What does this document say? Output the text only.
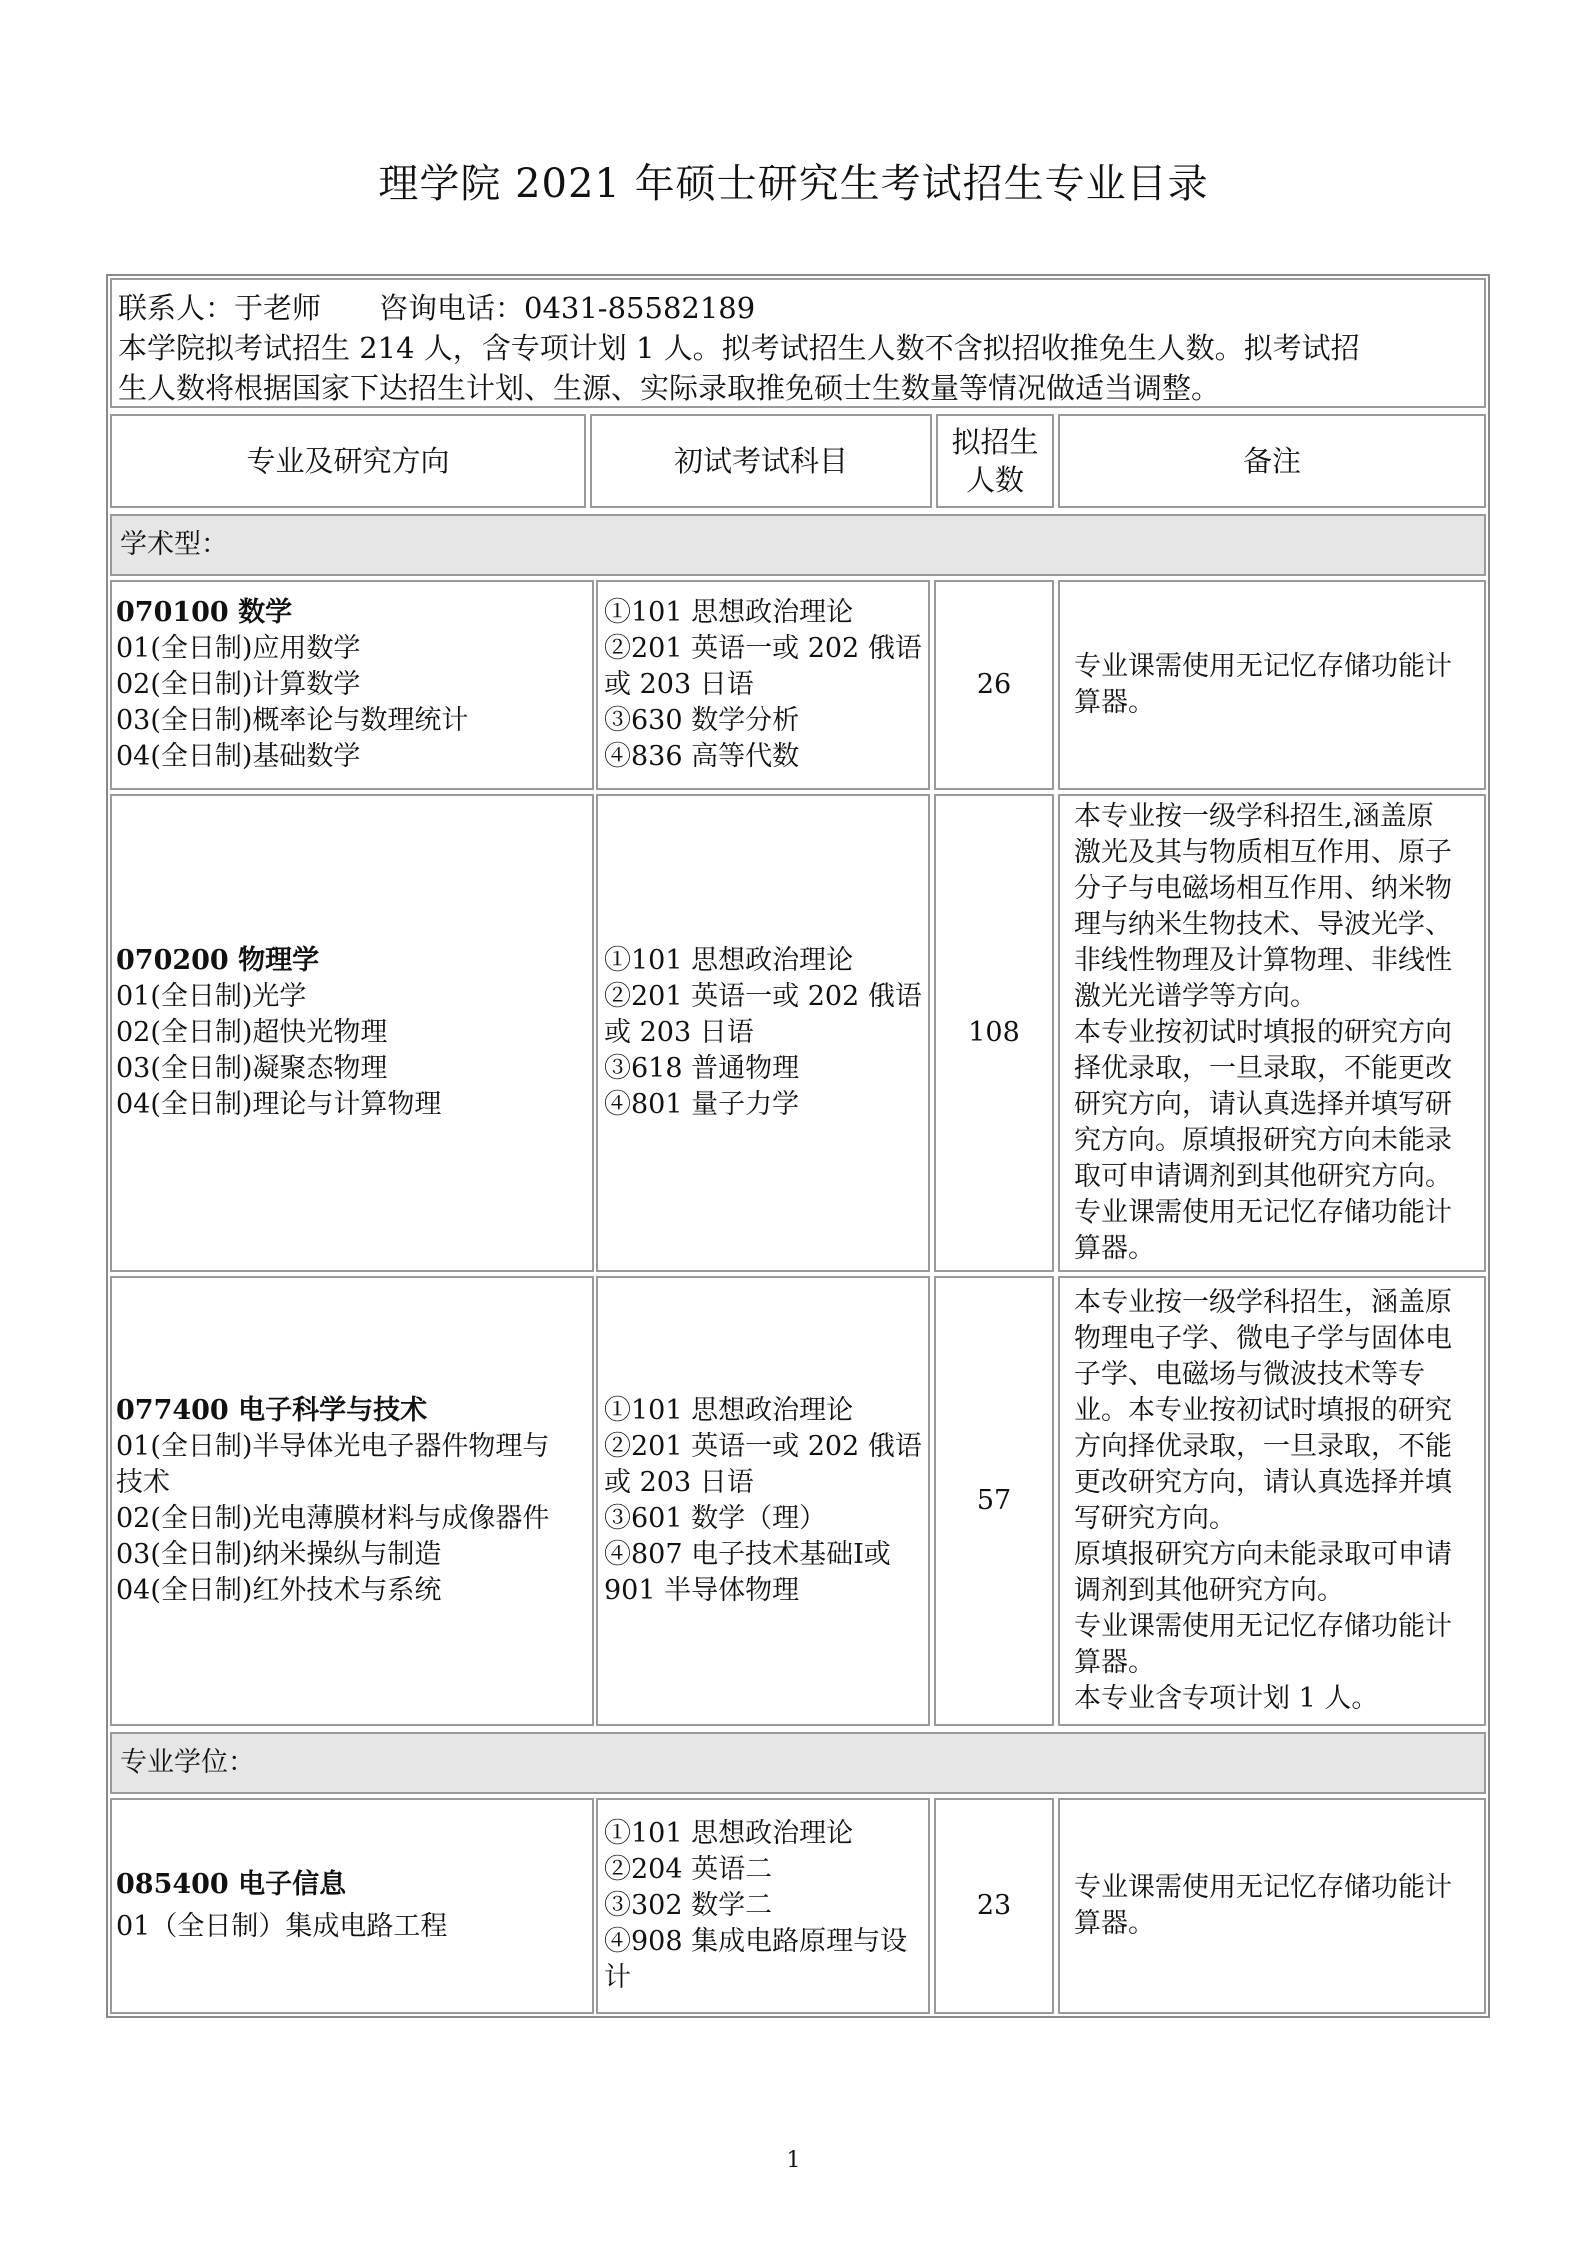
理学院 2021 年硕士研究生考试招生专业目录
联系人：于老师　　咨询电话：0431-85582189
本学院拟考试招生 214 人，含专项计划 1 人。拟考试招生人数不含拟招收推免生人数。拟考试招
生人数将根据国家下达招生计划、生源、实际录取推免硕士生数量等情况做适当调整。
专业及研究方向	初试考试科目
拟招生
人数
备注
学术型：
070100 数学
01(全日制)应用数学
02(全日制)计算数学
03(全日制)概率论与数理统计
04(全日制)基础数学
①101 思想政治理论
②201 英语一或 202 俄语
或 203 日语
③630 数学分析
④836 高等代数
26
专业课需使用无记忆存储功能计
算器。
070200 物理学
01(全日制)光学
02(全日制)超快光物理
03(全日制)凝聚态物理
04(全日制)理论与计算物理
①101 思想政治理论
②201 英语一或 202 俄语
或 203 日语
③618 普通物理
④801 量子力学
108
本专业按一级学科招生,涵盖原
激光及其与物质相互作用、原子
分子与电磁场相互作用、纳米物
理与纳米生物技术、导波光学、
非线性物理及计算物理、非线性
激光光谱学等方向。
本专业按初试时填报的研究方向
择优录取，一旦录取，不能更改
研究方向，请认真选择并填写研
究方向。原填报研究方向未能录
取可申请调剂到其他研究方向。
专业课需使用无记忆存储功能计
算器。
077400 电子科学与技术
01(全日制)半导体光电子器件物理与
技术
02(全日制)光电薄膜材料与成像器件
03(全日制)纳米操纵与制造
04(全日制)红外技术与系统
①101 思想政治理论
②201 英语一或 202 俄语
或 203 日语
③601 数学（理）
④807 电子技术基础Ⅰ或
901 半导体物理
57
本专业按一级学科招生，涵盖原
物理电子学、微电子学与固体电
子学、电磁场与微波技术等专
业。本专业按初试时填报的研究
方向择优录取，一旦录取，不能
更改研究方向，请认真选择并填
写研究方向。
原填报研究方向未能录取可申请
调剂到其他研究方向。
专业课需使用无记忆存储功能计
算器。
本专业含专项计划 1 人。
专业学位：
085400 电子信息
01（全日制）集成电路工程
①101 思想政治理论
②204 英语二
③302 数学二
④908 集成电路原理与设
计
23
专业课需使用无记忆存储功能计
算器。
1
